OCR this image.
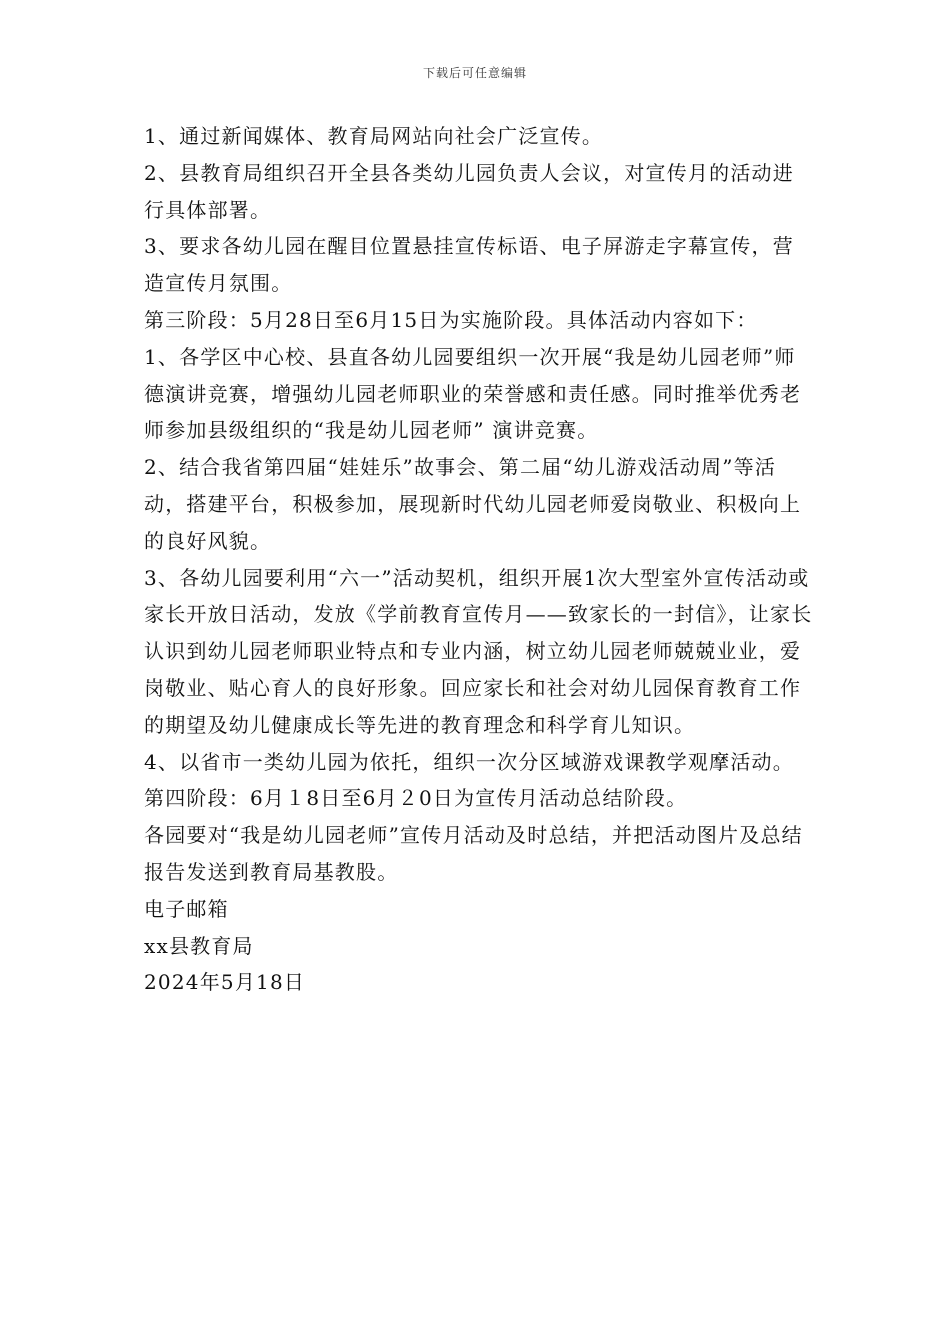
下载后可任意编辑

1、通过新闻媒体、教育局网站向社会广泛宣传。

2、县教育局组织召开全县各类幼儿园负责人会议，对宣传月的活动进行具体部署。

3、要求各幼儿园在醒目位置悬挂宣传标语、电子屏游走字幕宣传，营造宣传月氛围。

第三阶段：5月28日至6月15日为实施阶段。具体活动内容如下：

1、各学区中心校、县直各幼儿园要组织一次开展“我是幼儿园老师”师德演讲竞赛，增强幼儿园老师职业的荣誉感和责任感。同时推举优秀老师参加县级组织的“我是幼儿园老师” 演讲竞赛。

2、结合我省第四届“娃娃乐”故事会、第二届“幼儿游戏活动周”等活动，搭建平台，积极参加，展现新时代幼儿园老师爱岗敬业、积极向上的良好风貌。

3、各幼儿园要利用“六一”活动契机，组织开展1次大型室外宣传活动或家长开放日活动，发放《学前教育宣传月——致家长的一封信》，让家长认识到幼儿园老师职业特点和专业内涵，树立幼儿园老师兢兢业业，爱岗敬业、贴心育人的良好形象。回应家长和社会对幼儿园保育教育工作的期望及幼儿健康成长等先进的教育理念和科学育儿知识。

4、以省市一类幼儿园为依托，组织一次分区域游戏课教学观摩活动。

第四阶段：6月１8日至6月２0日为宣传月活动总结阶段。

各园要对“我是幼儿园老师”宣传月活动及时总结，并把活动图片及总结报告发送到教育局基教股。

电子邮箱

xx县教育局

2024年5月18日
